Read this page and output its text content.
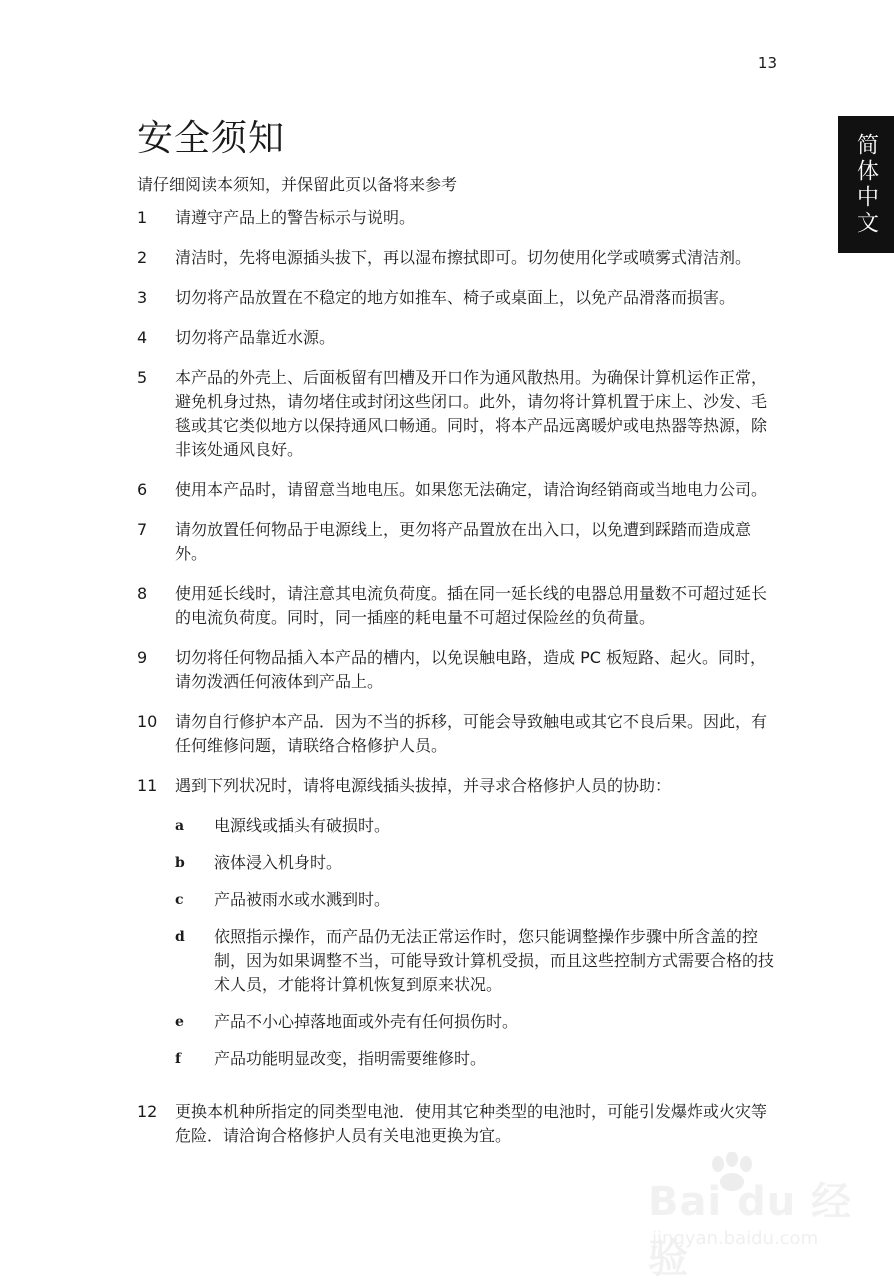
13
简体中文
安全须知
请仔细阅读本须知，并保留此页以备将来参考
1	请遵守产品上的警告标示与说明。
2	清洁时，先将电源插头拔下，再以湿布擦拭即可。切勿使用化学或喷雾式清洁剂。
3	切勿将产品放置在不稳定的地方如推车、椅子或桌面上，以免产品滑落而损害。
4	切勿将产品靠近水源。
5	本产品的外壳上、后面板留有凹槽及开口作为通风散热用。为确保计算机运作正常，避免机身过热，请勿堵住或封闭这些闭口。此外，请勿将计算机置于床上、沙发、毛毯或其它类似地方以保持通风口畅通。同时，将本产品远离暖炉或电热器等热源，除非该处通风良好。
6	使用本产品时，请留意当地电压。如果您无法确定，请洽询经销商或当地电力公司。
7	请勿放置任何物品于电源线上，更勿将产品置放在出入口，以免遭到踩踏而造成意外。
8	使用延长线时，请注意其电流负荷度。插在同一延长线的电器总用量数不可超过延长的电流负荷度。同时，同一插座的耗电量不可超过保险丝的负荷量。
9	切勿将任何物品插入本产品的槽内，以免误触电路，造成 PC 板短路、起火。同时，请勿泼洒任何液体到产品上。
10	请勿自行修护本产品．因为不当的拆移，可能会导致触电或其它不良后果。因此，有任何维修问题，请联络合格修护人员。
11	遇到下列状况时，请将电源线插头拔掉，并寻求合格修护人员的协助：
a	电源线或插头有破损时。
b	液体浸入机身时。
c	产品被雨水或水溅到时。
d	依照指示操作，而产品仍无法正常运作时，您只能调整操作步骤中所含盖的控制，因为如果调整不当，可能导致计算机受损，而且这些控制方式需要合格的技术人员，才能将计算机恢复到原来状况。
e	产品不小心掉落地面或外壳有任何损伤时。
f	产品功能明显改变，指明需要维修时。
12	更换本机种所指定的同类型电池．使用其它种类型的电池时，可能引发爆炸或火灾等危险．请洽询合格修护人员有关电池更换为宜。
Bai du 经验
jingyan.baidu.com
